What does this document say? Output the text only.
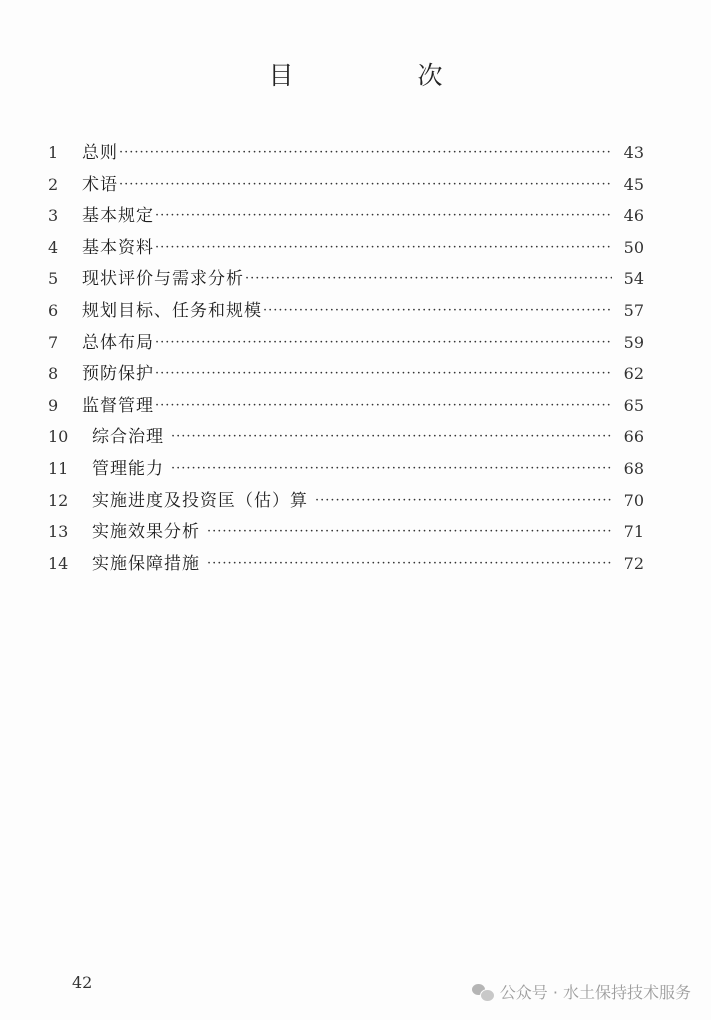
目 次
1	总则 ·····	43
2	术语 ·····	45
3	基本规定 ·····	46
4	基本资料 ·····	50
5	现状评价与需求分析 ·····	54
6	规划目标、任务和规模 ·····	57
7	总体布局 ·····	59
8	预防保护 ·····	62
9	监督管理 ·····	65
10	综合治理 ·····	66
11	管理能力 ·····	68
12	实施进度及投资匡（估）算 ·····	70
13	实施效果分析 ·····	71
14	实施保障措施 ·····	72
42
公众号 · 水土保持技术服务
